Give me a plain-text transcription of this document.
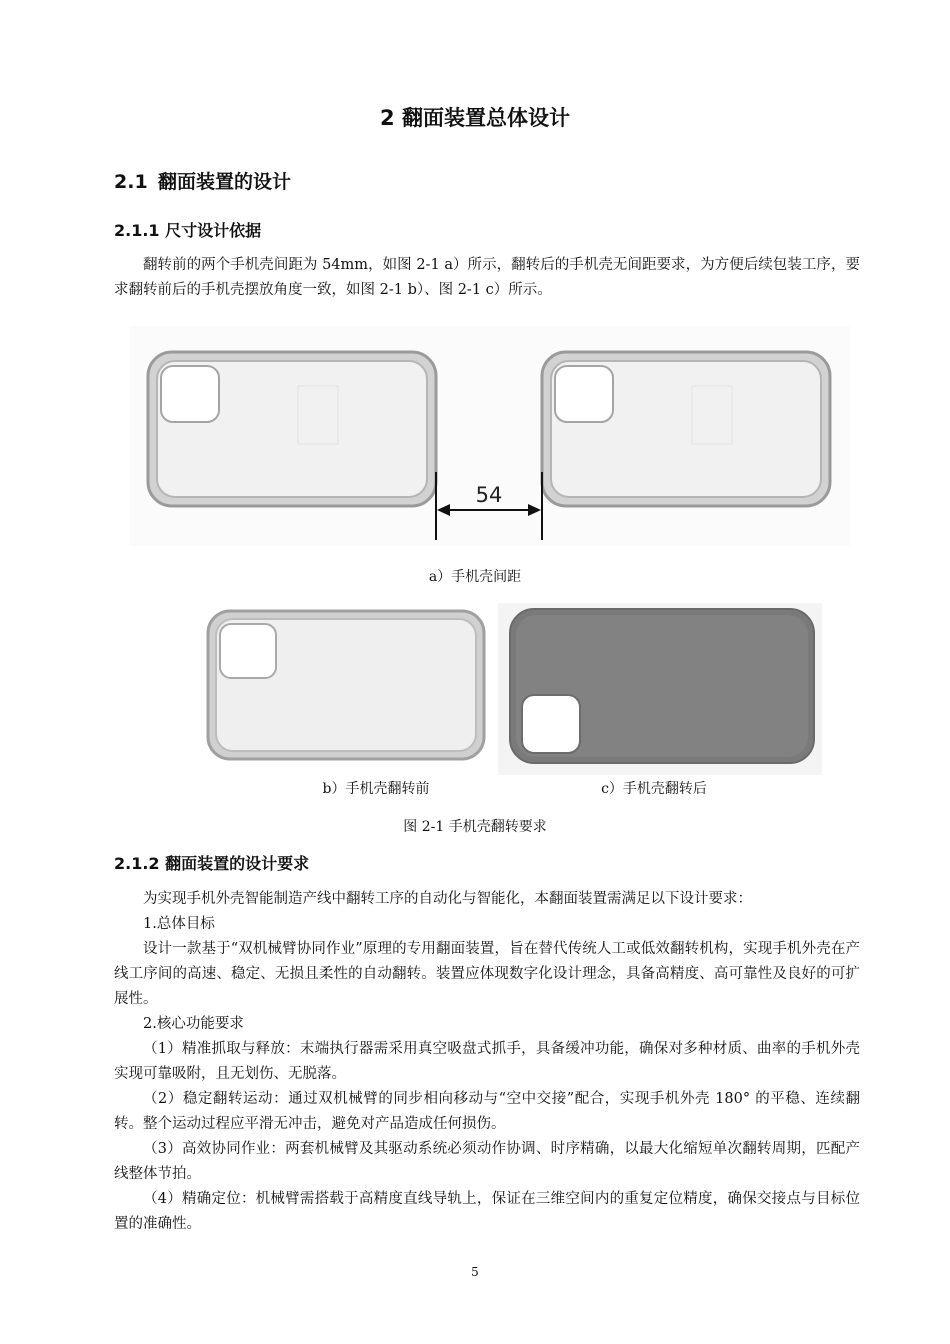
2 翻面装置总体设计
2.1 翻面装置的设计
2.1.1 尺寸设计依据

翻转前的两个手机壳间距为 54mm，如图 2-1 a）所示，翻转后的手机壳无间距要求，为方便后续包装工序，要求翻转前后的手机壳摆放角度一致，如图 2-1 b）、图 2-1 c）所示。

54
a）手机壳间距
b）手机壳翻转前	c）手机壳翻转后
图 2-1 手机壳翻转要求
2.1.2 翻面装置的设计要求

为实现手机外壳智能制造产线中翻转工序的自动化与智能化，本翻面装置需满足以下设计要求：

1.总体目标

设计一款基于“双机械臂协同作业”原理的专用翻面装置，旨在替代传统人工或低效翻转机构，实现手机外壳在产线工序间的高速、稳定、无损且柔性的自动翻转。装置应体现数字化设计理念，具备高精度、高可靠性及良好的可扩展性。

2.核心功能要求

（1）精准抓取与释放：末端执行器需采用真空吸盘式抓手，具备缓冲功能，确保对多种材质、曲率的手机外壳实现可靠吸附，且无划伤、无脱落。

（2）稳定翻转运动：通过双机械臂的同步相向移动与“空中交接”配合，实现手机外壳 180° 的平稳、连续翻转。整个运动过程应平滑无冲击，避免对产品造成任何损伤。

（3）高效协同作业：两套机械臂及其驱动系统必须动作协调、时序精确，以最大化缩短单次翻转周期，匹配产线整体节拍。

（4）精确定位：机械臂需搭载于高精度直线导轨上，保证在三维空间内的重复定位精度，确保交接点与目标位置的准确性。

5
